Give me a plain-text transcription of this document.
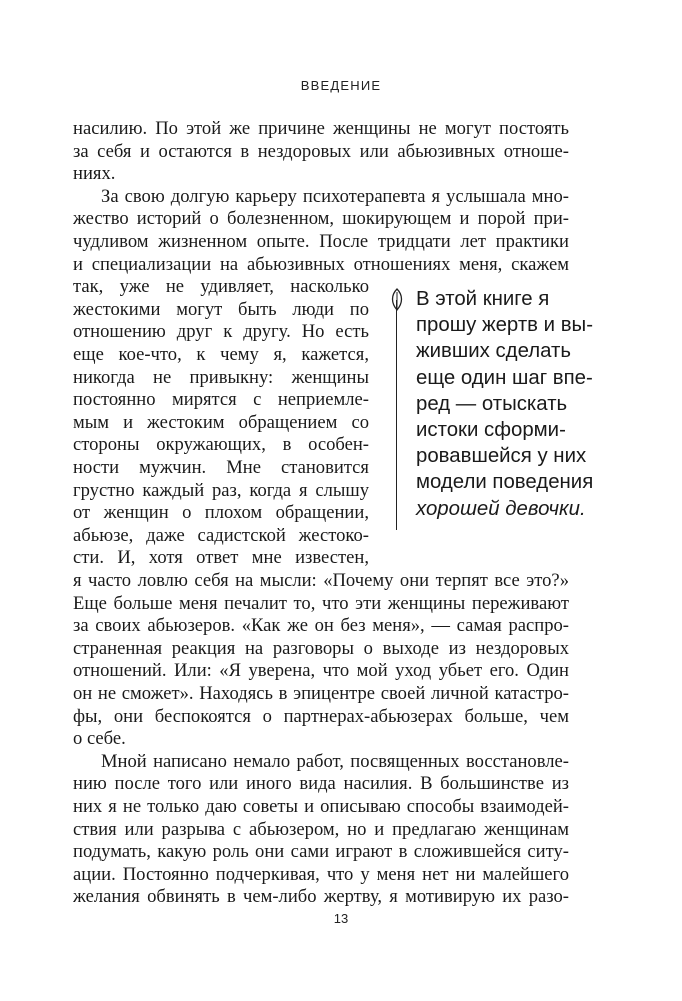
ВВЕДЕНИЕ
насилию. По этой же причине женщины не могут постоять
за себя и остаются в нездоровых или абьюзивных отноше-
ниях.
За свою долгую карьеру психотерапевта я услышала мно-
жество историй о болезненном, шокирующем и порой при-
чудливом жизненном опыте. После тридцати лет практики
и специализации на абьюзивных отношениях меня, скажем
так, уже не удивляет, насколько
жестокими могут быть люди по
отношению друг к другу. Но есть
еще кое-что, к чему я, кажется,
никогда не привыкну: женщины
постоянно мирятся с неприемле-
мым и жестоким обращением со
стороны окружающих, в особен-
ности мужчин. Мне становится
грустно каждый раз, когда я слышу
от женщин о плохом обращении,
абьюзе, даже садистской жестоко-
сти. И, хотя ответ мне известен,
я часто ловлю себя на мысли: «Почему они терпят все это?»
Еще больше меня печалит то, что эти женщины переживают
за своих абьюзеров. «Как же он без меня», — самая распро-
страненная реакция на разговоры о выходе из нездоровых
отношений. Или: «Я уверена, что мой уход убьет его. Один
он не сможет». Находясь в эпицентре своей личной катастро-
фы, они беспокоятся о партнерах-абьюзерах больше, чем
о себе.
Мной написано немало работ, посвященных восстановле-
нию после того или иного вида насилия. В большинстве из
них я не только даю советы и описываю способы взаимодей-
ствия или разрыва с абьюзером, но и предлагаю женщинам
подумать, какую роль они сами играют в сложившейся ситу-
ации. Постоянно подчеркивая, что у меня нет ни малейшего
желания обвинять в чем-либо жертву, я мотивирую их разо-
В этой книге я
прошу жертв и вы-
живших сделать
еще один шаг впе-
ред — отыскать
истоки сформи-
ровавшейся у них
модели поведения
хорошей девочки.
13
